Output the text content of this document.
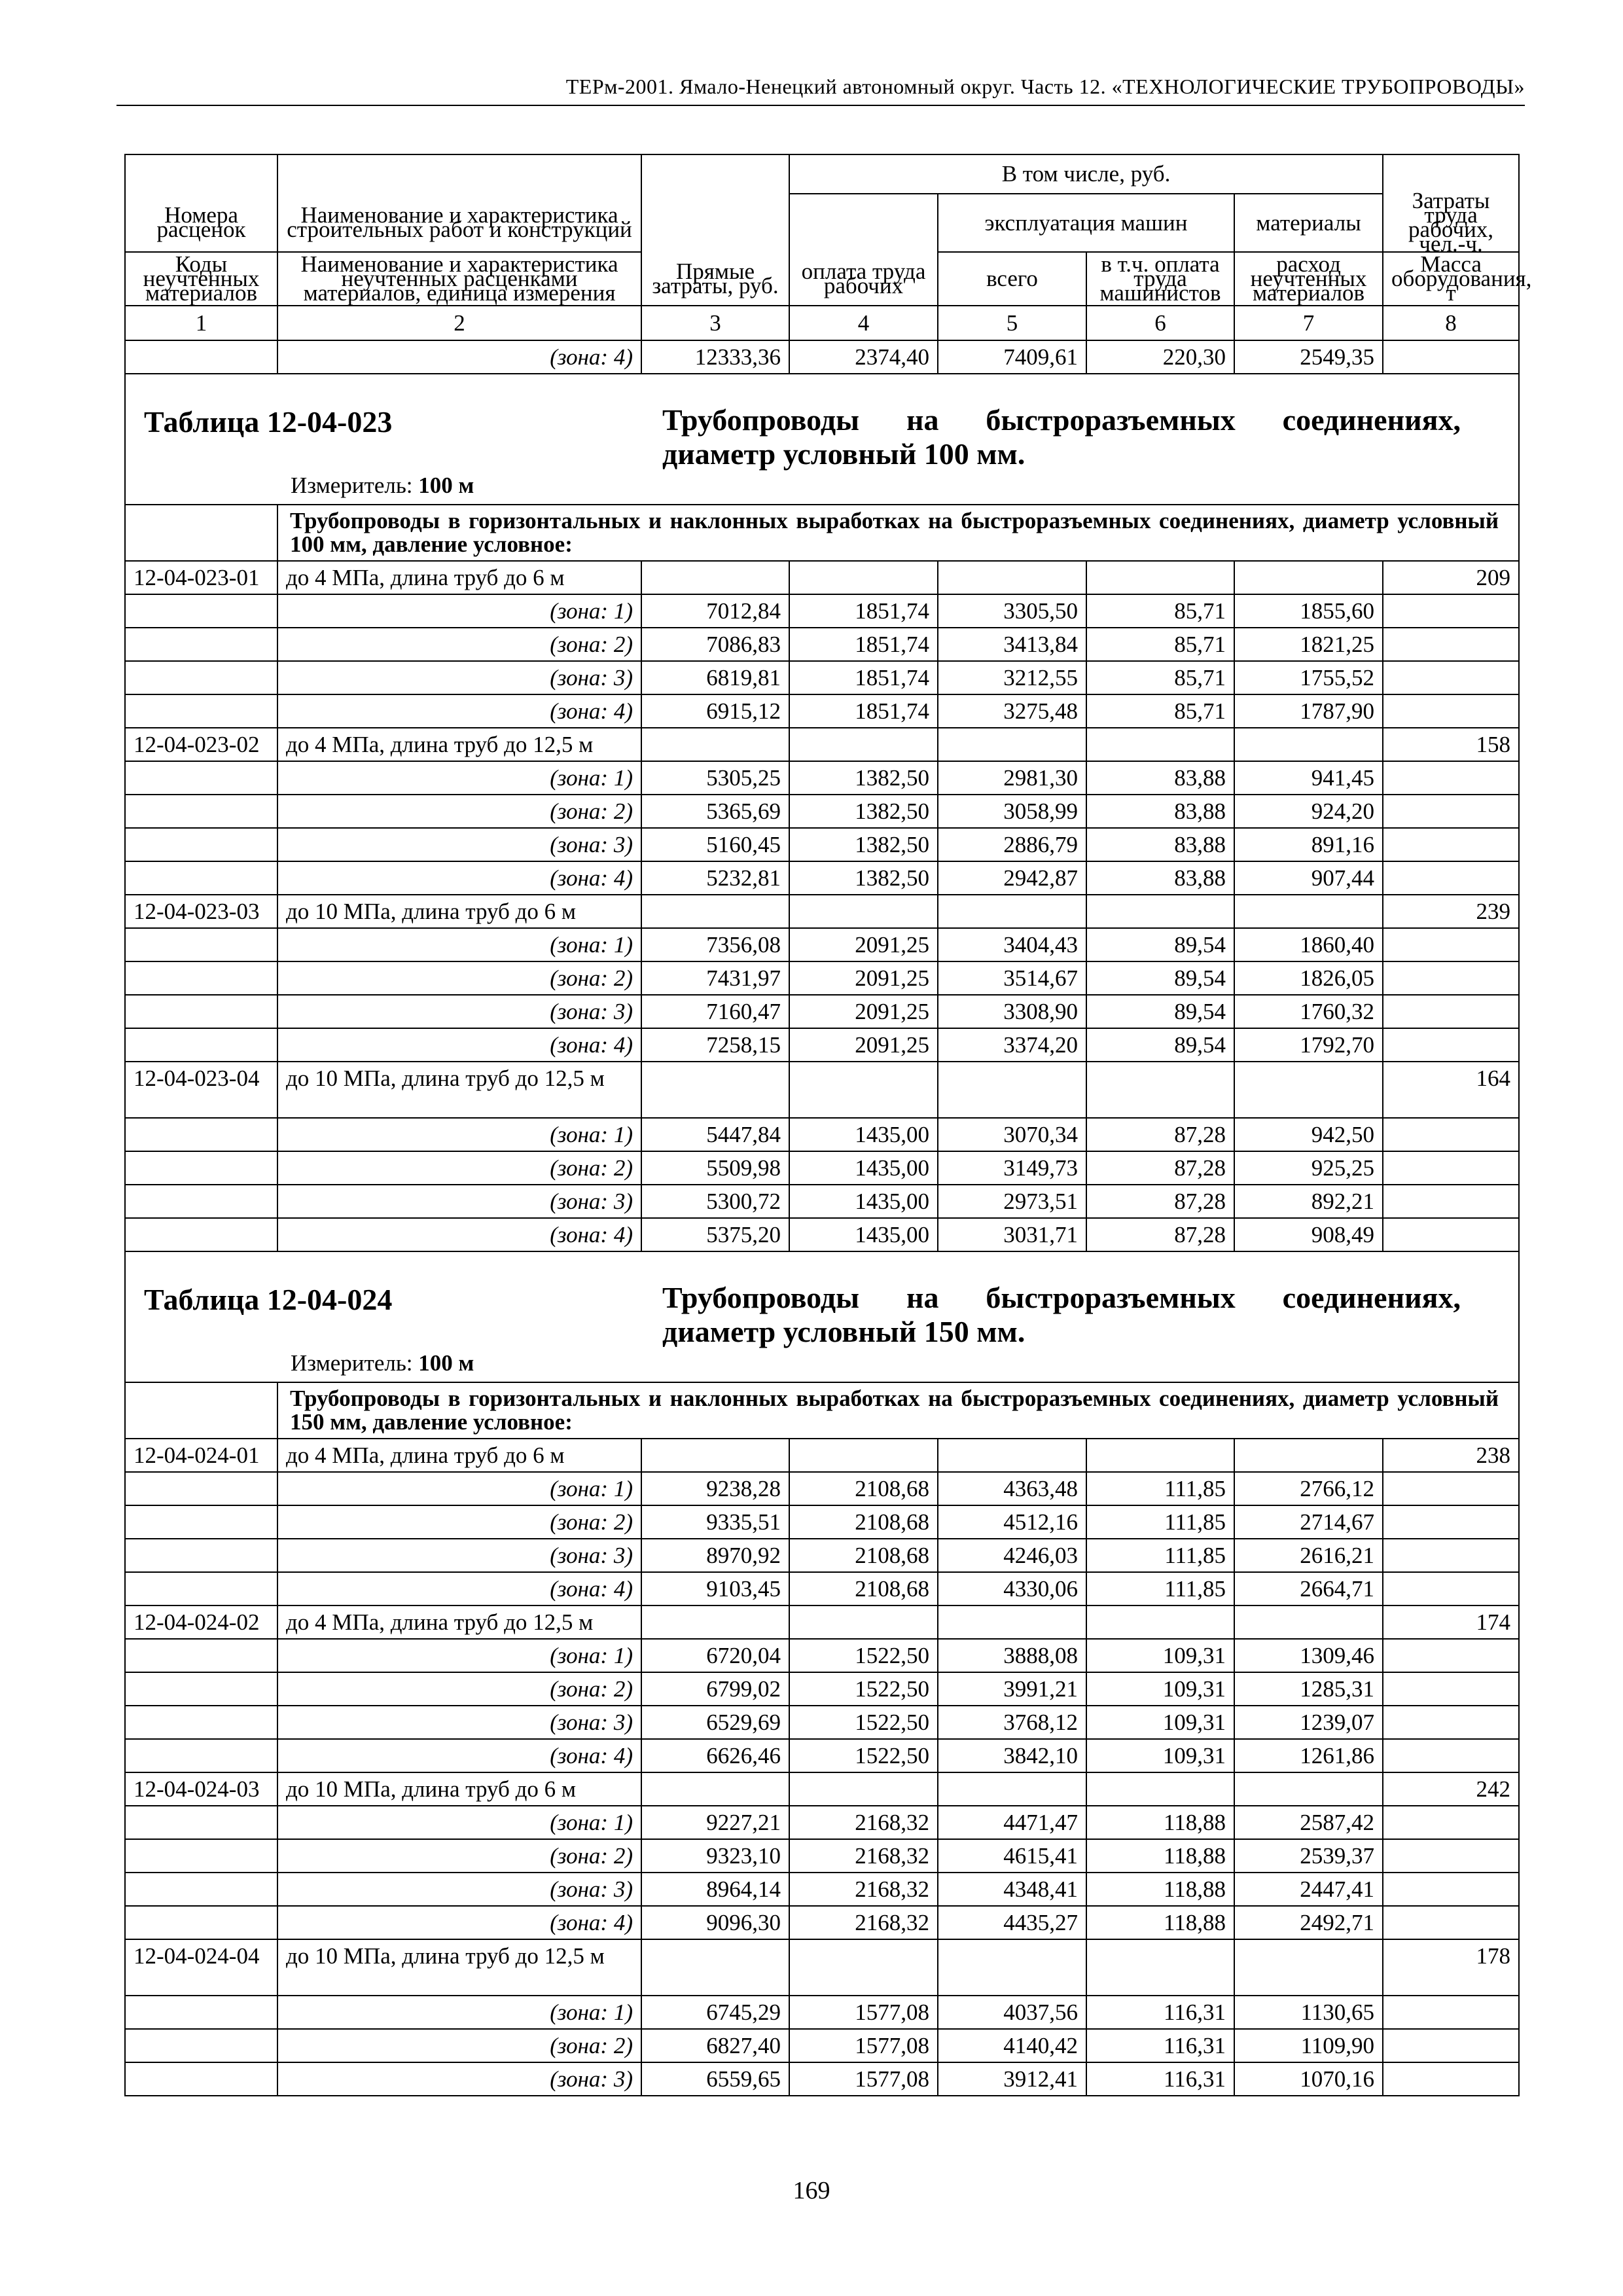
ТЕРм-2001. Ямало-Ненецкий автономный округ. Часть 12. «ТЕХНОЛОГИЧЕСКИЕ ТРУБОПРОВОДЫ»
			В том числе, руб.				
Номера расценок	Наименование и характеристика строительных работ и конструкций			эксплуатация машин		материалы	Затраты труда рабочих, чел.-ч.
Коды неучтенных материалов	Наименование и характеристика неучтенных расценками материалов, единица измерения	Прямые затраты, руб.	оплата труда рабочих	всего	в т.ч. оплата труда машинистов	расход неучтенных материалов	Масса оборудования, т
1	2	3	4	5	6	7	8
	(зона: 4)	12333,36	2374,40	7409,61	220,30	2549,35	

Таблица 12-04-023 Трубопроводы на быстроразъемных соединениях, диаметр условный 100 мм.
Измеритель: 100 м							

	Трубопроводы в горизонтальных и наклонных выработках на быстроразъемных соединениях, диаметр условный 100 мм, давление условное:						
12-04-023-01	до 4 МПа, длина труб до 6 м						209
	(зона: 1)	7012,84	1851,74	3305,50	85,71	1855,60	
	(зона: 2)	7086,83	1851,74	3413,84	85,71	1821,25	
	(зона: 3)	6819,81	1851,74	3212,55	85,71	1755,52	
	(зона: 4)	6915,12	1851,74	3275,48	85,71	1787,90	
12-04-023-02	до 4 МПа, длина труб до 12,5 м						158
	(зона: 1)	5305,25	1382,50	2981,30	83,88	941,45	
	(зона: 2)	5365,69	1382,50	3058,99	83,88	924,20	
	(зона: 3)	5160,45	1382,50	2886,79	83,88	891,16	
	(зона: 4)	5232,81	1382,50	2942,87	83,88	907,44	
12-04-023-03	до 10 МПа, длина труб до 6 м						239
	(зона: 1)	7356,08	2091,25	3404,43	89,54	1860,40	
	(зона: 2)	7431,97	2091,25	3514,67	89,54	1826,05	
	(зона: 3)	7160,47	2091,25	3308,90	89,54	1760,32	
	(зона: 4)	7258,15	2091,25	3374,20	89,54	1792,70	
12-04-023-04	до 10 МПа, длина труб до 12,5 м						164
	(зона: 1)	5447,84	1435,00	3070,34	87,28	942,50	
	(зона: 2)	5509,98	1435,00	3149,73	87,28	925,25	
	(зона: 3)	5300,72	1435,00	2973,51	87,28	892,21	
	(зона: 4)	5375,20	1435,00	3031,71	87,28	908,49	

Таблица 12-04-024 Трубопроводы на быстроразъемных соединениях, диаметр условный 150 мм.
Измеритель: 100 м							

	Трубопроводы в горизонтальных и наклонных выработках на быстроразъемных соединениях, диаметр условный 150 мм, давление условное:						
12-04-024-01	до 4 МПа, длина труб до 6 м						238
	(зона: 1)	9238,28	2108,68	4363,48	111,85	2766,12	
	(зона: 2)	9335,51	2108,68	4512,16	111,85	2714,67	
	(зона: 3)	8970,92	2108,68	4246,03	111,85	2616,21	
	(зона: 4)	9103,45	2108,68	4330,06	111,85	2664,71	
12-04-024-02	до 4 МПа, длина труб до 12,5 м						174
	(зона: 1)	6720,04	1522,50	3888,08	109,31	1309,46	
	(зона: 2)	6799,02	1522,50	3991,21	109,31	1285,31	
	(зона: 3)	6529,69	1522,50	3768,12	109,31	1239,07	
	(зона: 4)	6626,46	1522,50	3842,10	109,31	1261,86	
12-04-024-03	до 10 МПа, длина труб до 6 м						242
	(зона: 1)	9227,21	2168,32	4471,47	118,88	2587,42	
	(зона: 2)	9323,10	2168,32	4615,41	118,88	2539,37	
	(зона: 3)	8964,14	2168,32	4348,41	118,88	2447,41	
	(зона: 4)	9096,30	2168,32	4435,27	118,88	2492,71	
12-04-024-04	до 10 МПа, длина труб до 12,5 м						178
	(зона: 1)	6745,29	1577,08	4037,56	116,31	1130,65	
	(зона: 2)	6827,40	1577,08	4140,42	116,31	1109,90	
	(зона: 3)	6559,65	1577,08	3912,41	116,31	1070,16	
169
